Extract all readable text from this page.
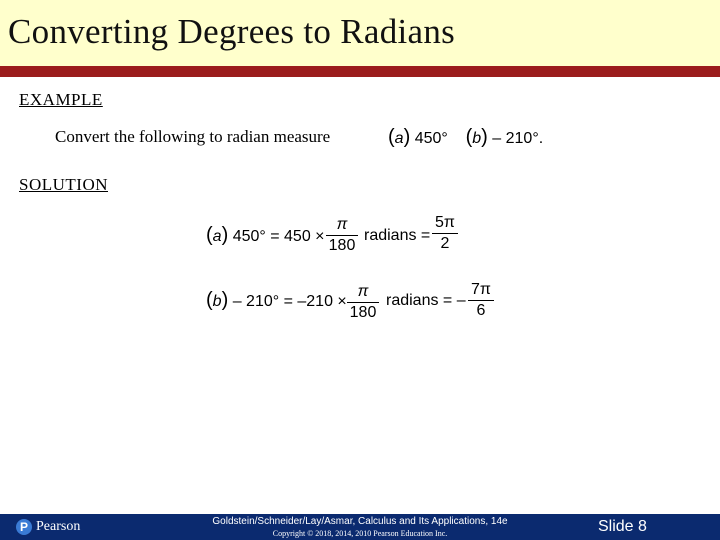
Converting Degrees to Radians
EXAMPLE
Convert the following to radian measure	(a) 450° (b) – 210°.
SOLUTION
(a) $450^\circ = 450 \times \frac{\pi}{180}$ radians = $\frac{5\pi}{2}$
$(b) - 210^\circ = -210 \times \frac{\pi}{180}$ radians = – $\frac{7\pi}{6}$
P Pearson	Goldstein/Schneider/Lay/Asmar, Calculus and Its Applications, 14e
Copyright © 2018, 2014, 2010 Pearson Education Inc.	Slide 8
